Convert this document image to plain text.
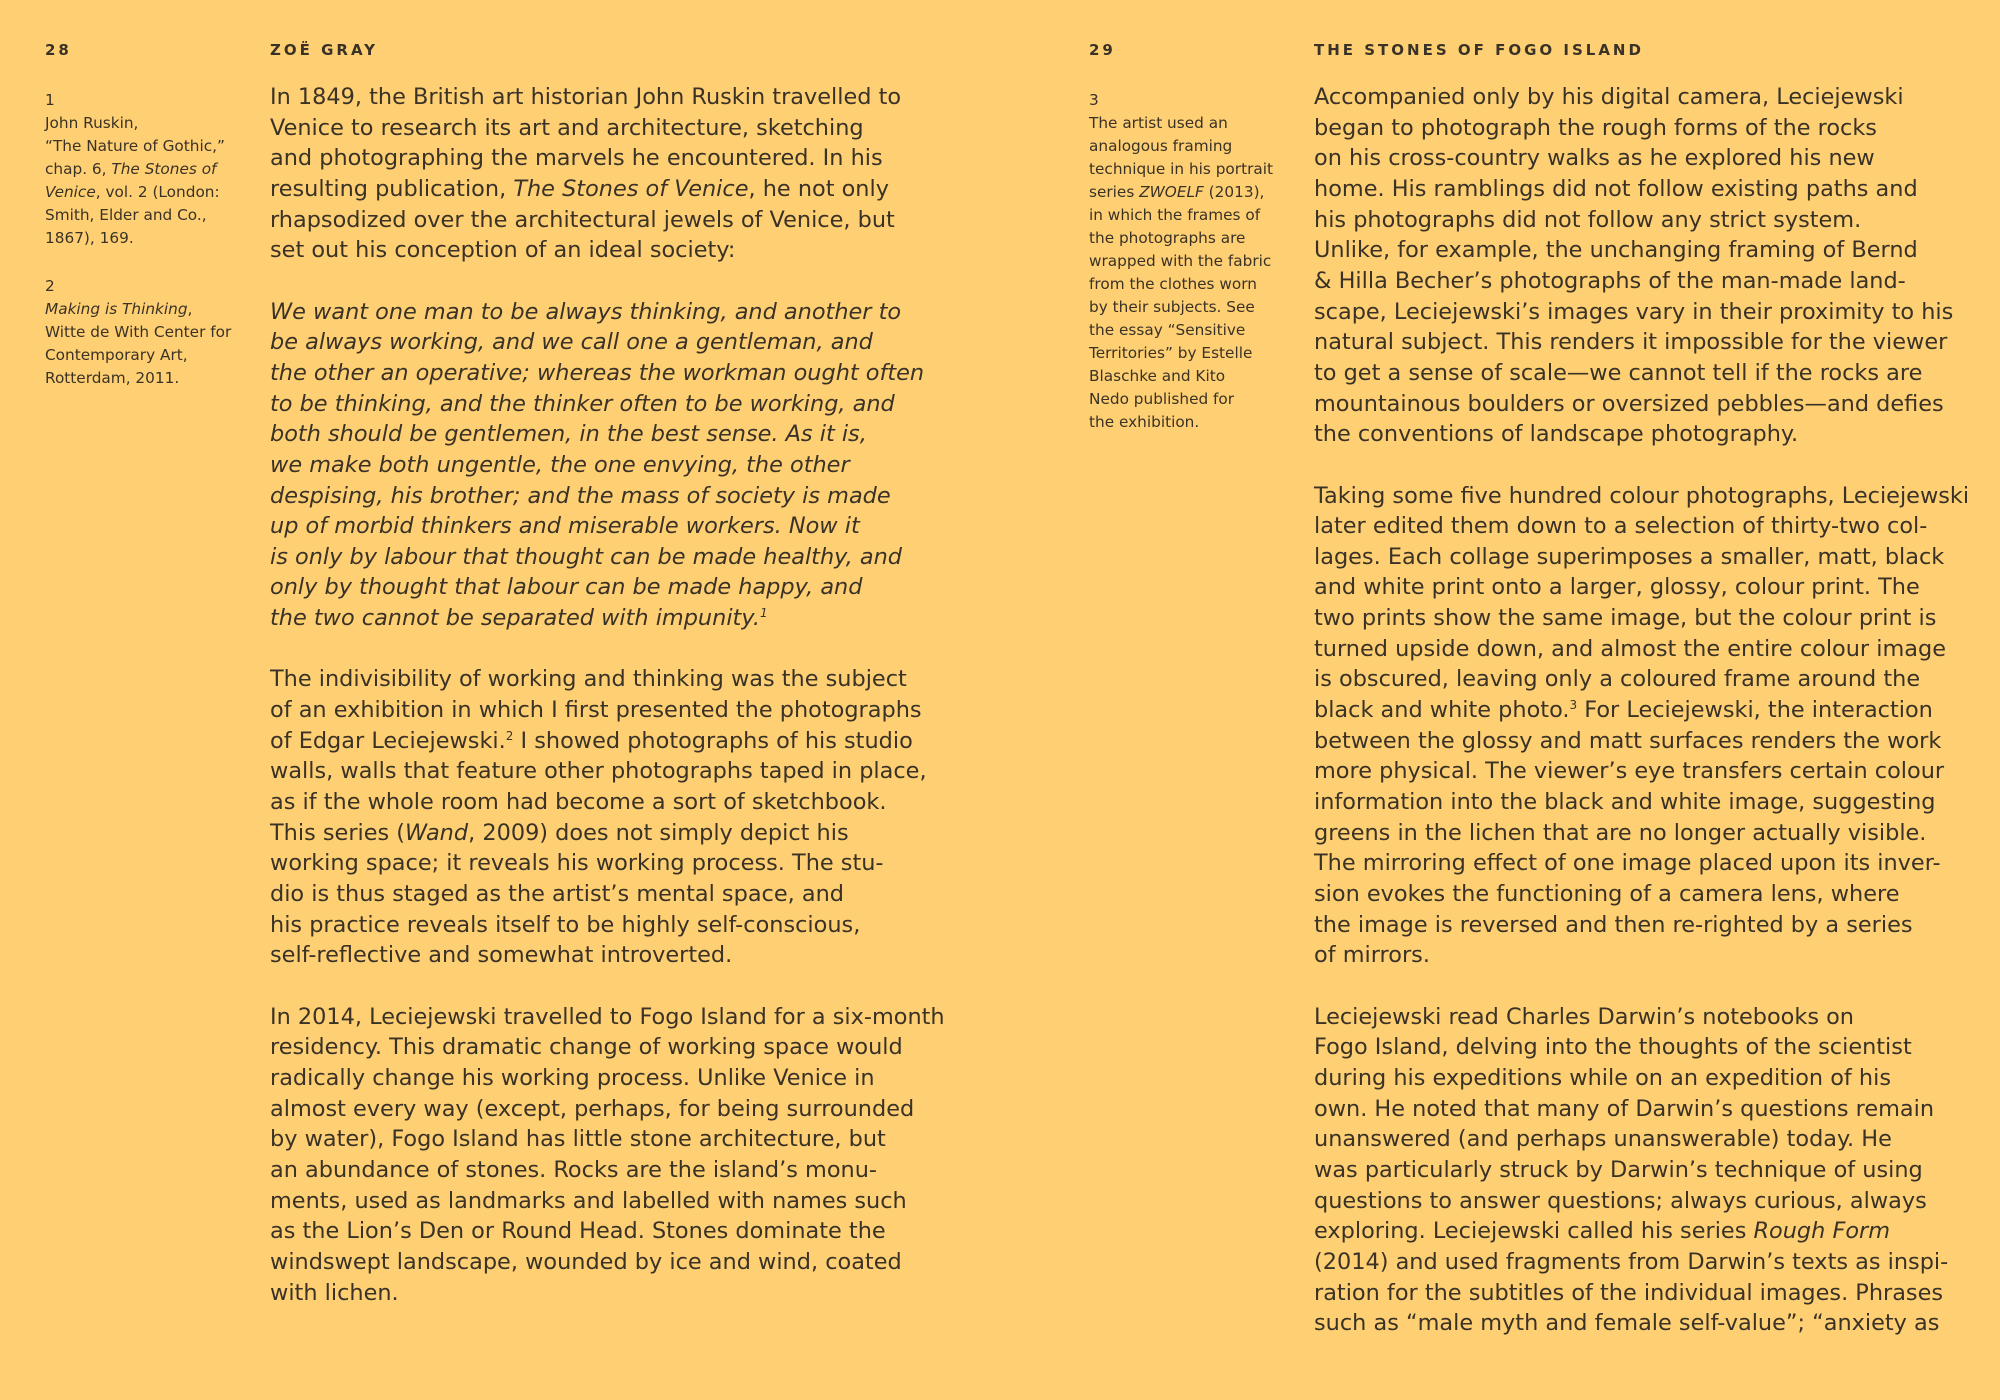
28	ZOË GRAY

1
John Ruskin,
“The Nature of Gothic,”
chap. 6, The Stones of
Venice, vol. 2 (London:
Smith, Elder and Co.,
1867), 169.

2
Making is Thinking,
Witte de With Center for
Contemporary Art,
Rotterdam, 2011.

In 1849, the British art historian John Ruskin travelled to
Venice to research its art and architecture, sketching
and photographing the marvels he encountered. In his
resulting publication, The Stones of Venice, he not only
rhapsodized over the architectural jewels of Venice, but
set out his conception of an ideal society:

We want one man to be always thinking, and another to
be always working, and we call one a gentleman, and
the other an operative; whereas the workman ought often
to be thinking, and the thinker often to be working, and
both should be gentlemen, in the best sense. As it is,
we make both ungentle, the one envying, the other
despising, his brother; and the mass of society is made
up of morbid thinkers and miserable workers. Now it
is only by labour that thought can be made healthy, and
only by thought that labour can be made happy, and
the two cannot be separated with impunity.$^1$

The indivisibility of working and thinking was the subject
of an exhibition in which I first presented the photographs
of Edgar Leciejewski.$^2$ I showed photographs of his studio
walls, walls that feature other photographs taped in place,
as if the whole room had become a sort of sketchbook.
This series (Wand, 2009) does not simply depict his
working space; it reveals his working process. The stu-
dio is thus staged as the artist’s mental space, and
his practice reveals itself to be highly self-conscious,
self-reflective and somewhat introverted.

In 2014, Leciejewski travelled to Fogo Island for a six-month
residency. This dramatic change of working space would
radically change his working process. Unlike Venice in
almost every way (except, perhaps, for being surrounded
by water), Fogo Island has little stone architecture, but
an abundance of stones. Rocks are the island’s monu-
ments, used as landmarks and labelled with names such
as the Lion’s Den or Round Head. Stones dominate the
windswept landscape, wounded by ice and wind, coated
with lichen.

29	THE STONES OF FOGO ISLAND

3
The artist used an
analogous framing
technique in his portrait
series ZWOELF (2013),
in which the frames of
the photographs are
wrapped with the fabric
from the clothes worn
by their subjects. See
the essay “Sensitive
Territories” by Estelle
Blaschke and Kito
Nedo published for
the exhibition.

Accompanied only by his digital camera, Leciejewski
began to photograph the rough forms of the rocks
on his cross-country walks as he explored his new
home. His ramblings did not follow existing paths and
his photographs did not follow any strict system.
Unlike, for example, the unchanging framing of Bernd
& Hilla Becher’s photographs of the man-made land-
scape, Leciejewski’s images vary in their proximity to his
natural subject. This renders it impossible for the viewer
to get a sense of scale—we cannot tell if the rocks are
mountainous boulders or oversized pebbles—and defies
the conventions of landscape photography.

Taking some five hundred colour photographs, Leciejewski
later edited them down to a selection of thirty-two col-
lages. Each collage superimposes a smaller, matt, black
and white print onto a larger, glossy, colour print. The
two prints show the same image, but the colour print is
turned upside down, and almost the entire colour image
is obscured, leaving only a coloured frame around the
black and white photo.$^3$ For Leciejewski, the interaction
between the glossy and matt surfaces renders the work
more physical. The viewer’s eye transfers certain colour
information into the black and white image, suggesting
greens in the lichen that are no longer actually visible.
The mirroring effect of one image placed upon its inver-
sion evokes the functioning of a camera lens, where
the image is reversed and then re-righted by a series
of mirrors.

Leciejewski read Charles Darwin’s notebooks on
Fogo Island, delving into the thoughts of the scientist
during his expeditions while on an expedition of his
own. He noted that many of Darwin’s questions remain
unanswered (and perhaps unanswerable) today. He
was particularly struck by Darwin’s technique of using
questions to answer questions; always curious, always
exploring. Leciejewski called his series Rough Form
(2014) and used fragments from Darwin’s texts as inspi-
ration for the subtitles of the individual images. Phrases
such as “male myth and female self-value”; “anxiety as
